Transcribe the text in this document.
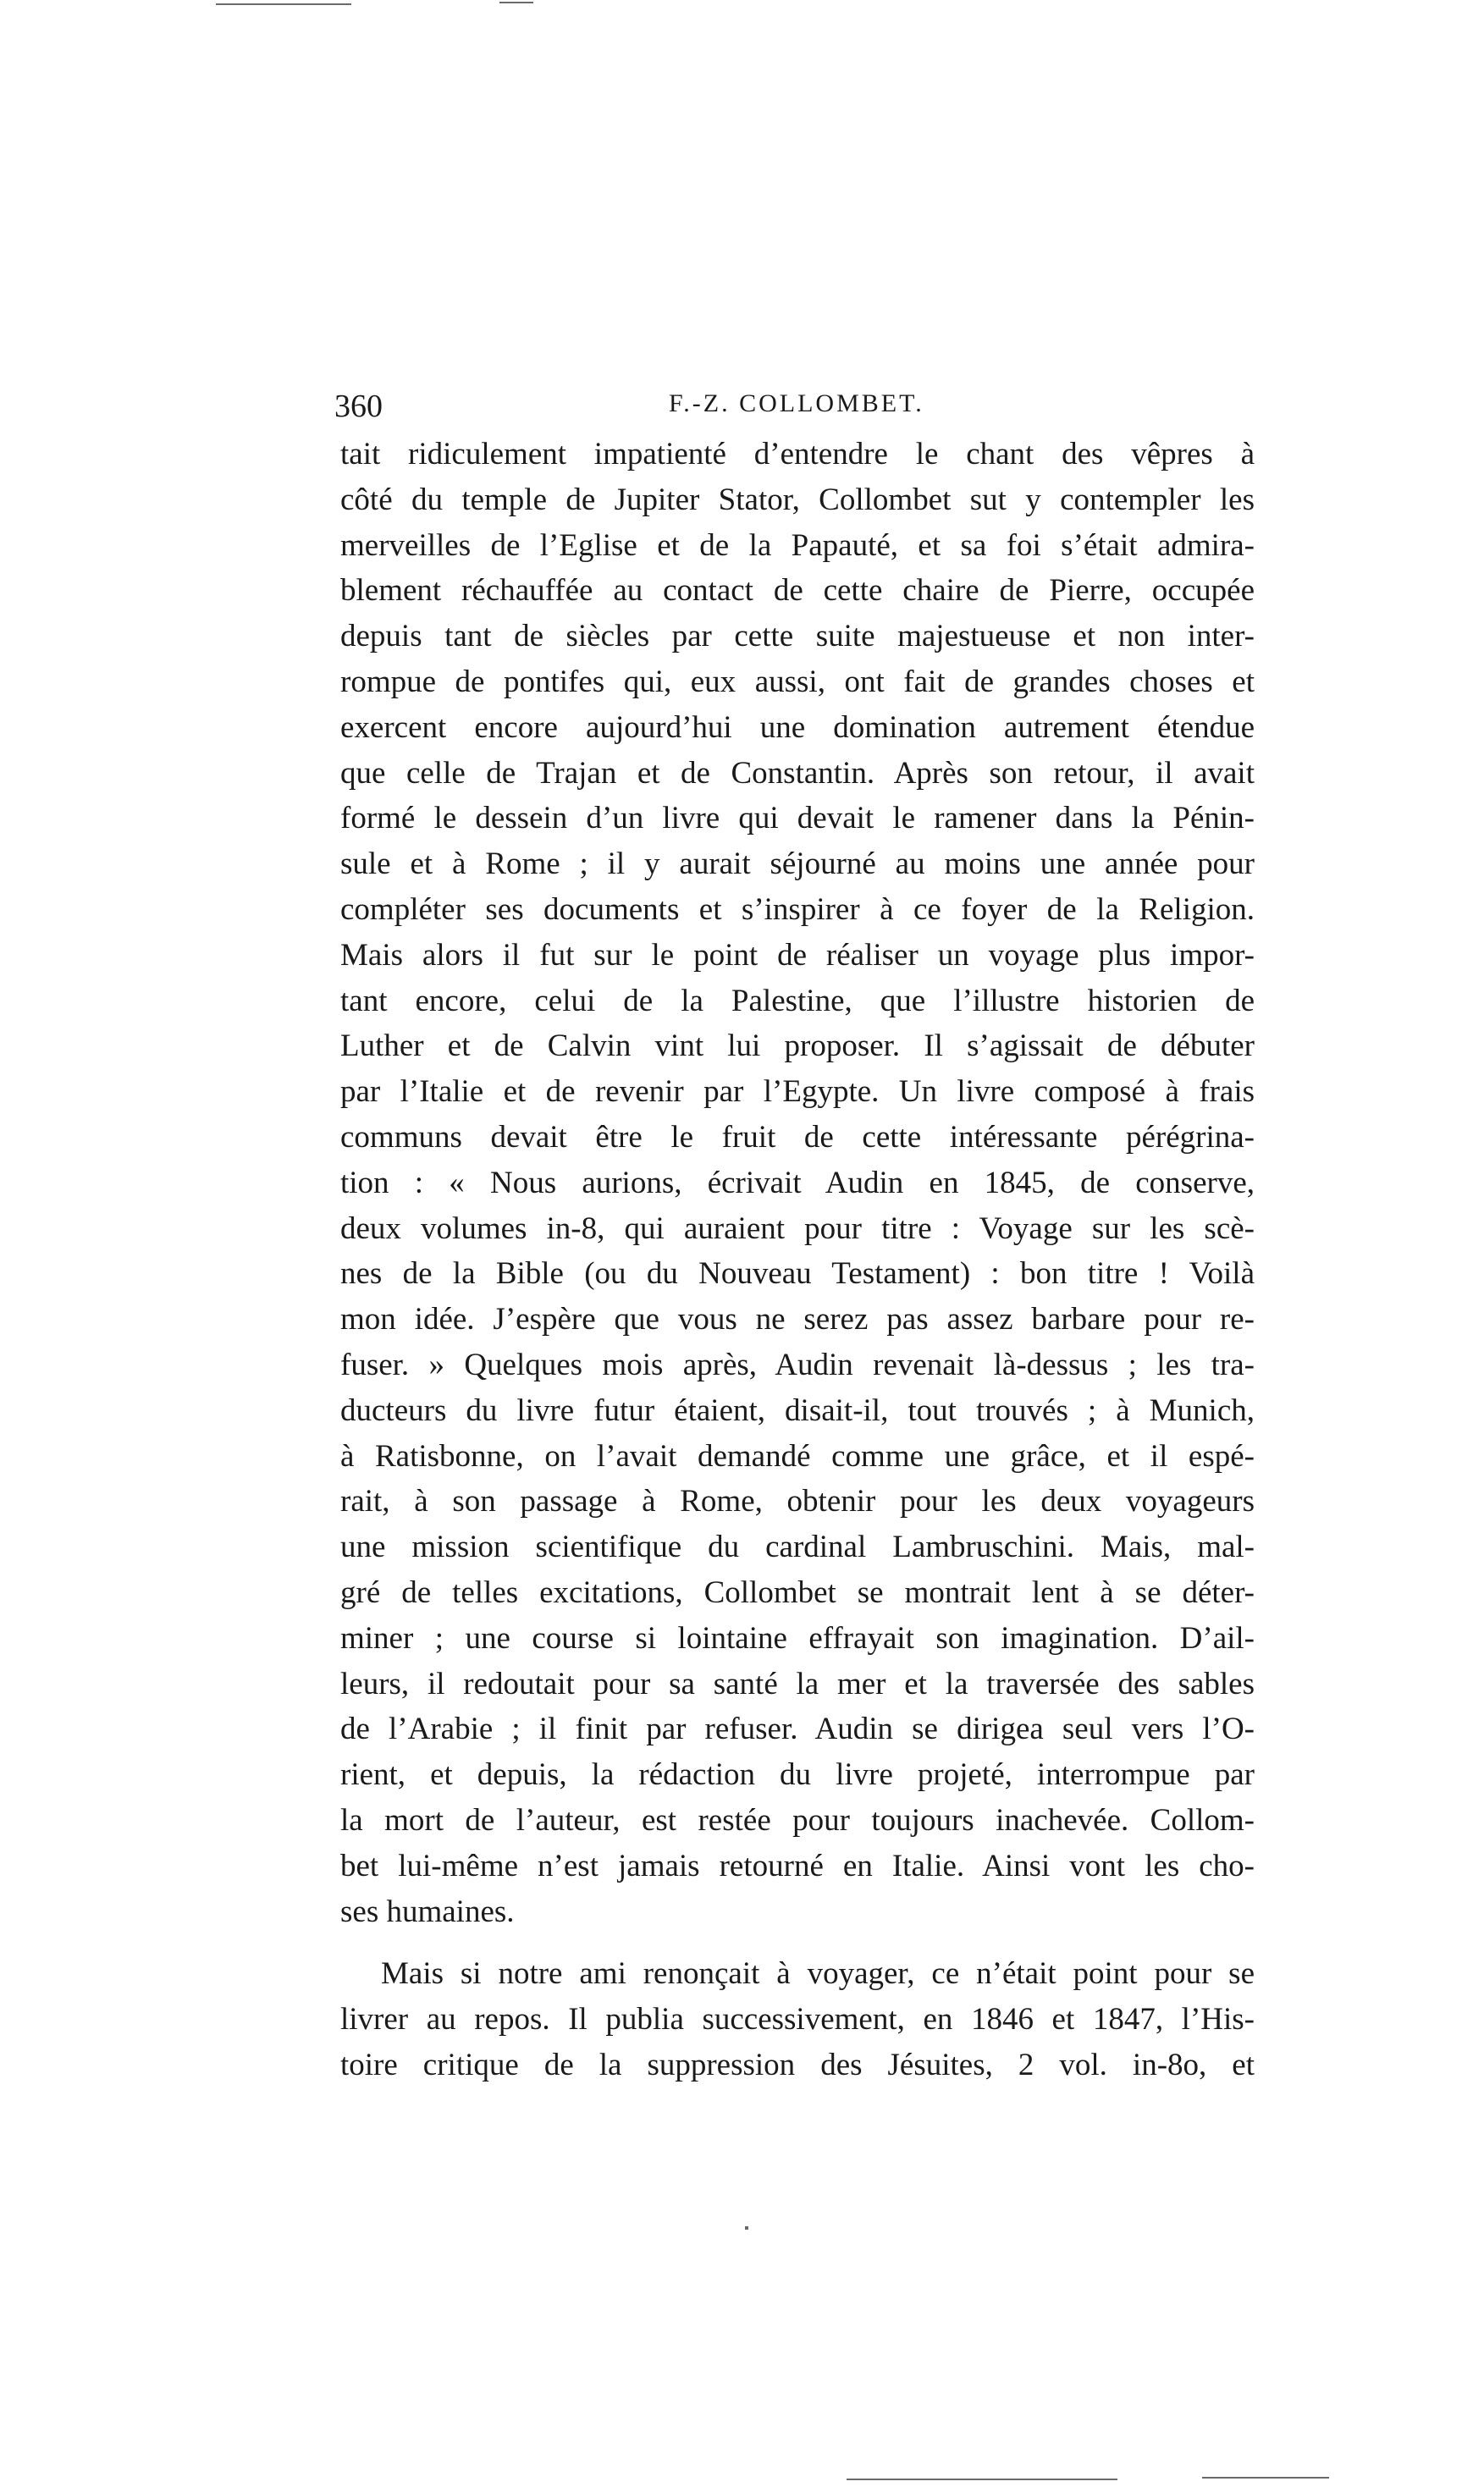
360	F.-Z. COLLOMBET.
tait ridiculement impatienté d’entendre le chant des vêpres à
côté du temple de Jupiter Stator, Collombet sut y contempler les
merveilles de l’Eglise et de la Papauté, et sa foi s’était admira-
blement réchauffée au contact de cette chaire de Pierre, occupée
depuis tant de siècles par cette suite majestueuse et non inter-
rompue de pontifes qui, eux aussi, ont fait de grandes choses et
exercent encore aujourd’hui une domination autrement étendue
que celle de Trajan et de Constantin. Après son retour, il avait
formé le dessein d’un livre qui devait le ramener dans la Pénin-
sule et à Rome ; il y aurait séjourné au moins une année pour
compléter ses documents et s’inspirer à ce foyer de la Religion.
Mais alors il fut sur le point de réaliser un voyage plus impor-
tant encore, celui de la Palestine, que l’illustre historien de
Luther et de Calvin vint lui proposer. Il s’agissait de débuter
par l’Italie et de revenir par l’Egypte. Un livre composé à frais
communs devait être le fruit de cette intéressante pérégrina-
tion : « Nous aurions, écrivait Audin en 1845, de conserve,
deux volumes in-8, qui auraient pour titre : Voyage sur les scè-
nes de la Bible (ou du Nouveau Testament) : bon titre ! Voilà
mon idée. J’espère que vous ne serez pas assez barbare pour re-
fuser. » Quelques mois après, Audin revenait là-dessus ; les tra-
ducteurs du livre futur étaient, disait-il, tout trouvés ; à Munich,
à Ratisbonne, on l’avait demandé comme une grâce, et il espé-
rait, à son passage à Rome, obtenir pour les deux voyageurs
une mission scientifique du cardinal Lambruschini. Mais, mal-
gré de telles excitations, Collombet se montrait lent à se déter-
miner ; une course si lointaine effrayait son imagination. D’ail-
leurs, il redoutait pour sa santé la mer et la traversée des sables
de l’Arabie ; il finit par refuser. Audin se dirigea seul vers l’O-
rient, et depuis, la rédaction du livre projeté, interrompue par
la mort de l’auteur, est restée pour toujours inachevée. Collom-
bet lui-même n’est jamais retourné en Italie. Ainsi vont les cho-
ses humaines.
Mais si notre ami renonçait à voyager, ce n’était point pour se
livrer au repos. Il publia successivement, en 1846 et 1847, l’His-
toire critique de la suppression des Jésuites, 2 vol. in-8o, et
